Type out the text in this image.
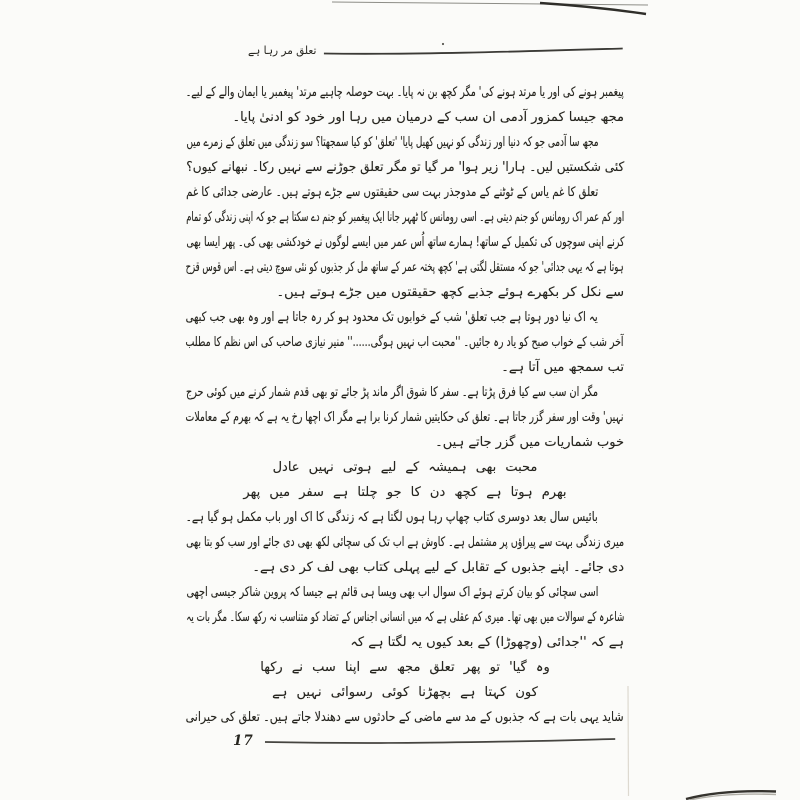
تعلق مر رہا ہے
پیغمبر ہونے کی اور یا مرتد ہونے کی' مگر کچھ بن نہ پایا۔ بہت حوصلہ چاہیے مرتد' پیغمبر یا ایمان والے کے لیے۔
مجھ جیسا کمزور آدمی ان سب کے درمیان میں رہا اور خود کو ادنیٰ پایا۔
مجھ سا آدمی جو کہ دنیا اور زندگی کو نہیں کھیل پایا' 'تعلق' کو کیا سمجھتا؟ سو زندگی میں تعلق کے زمرے میں
کئی شکستیں لیں۔ ہارا' زیر ہوا' مر گیا تو مگر تعلق جوڑنے سے نہیں رکا۔ نبھانے کیوں؟
تعلق کا غم یاس کے ٹوٹنے کے مدوجذر بہت سی حقیقتوں سے جڑے ہوتے ہیں۔ عارضی جدائی کا غم
اور کم عمر اک رومانس کو جنم دیتی ہے۔ اسی رومانس کا ٹھہر جانا ایک پیغمبر کو جنم دے سکتا ہے جو کہ اپنی زندگی کو تمام
کرنے اپنی سوچوں کی تکمیل کے ساتھ! ہمارے ساتھ اُس عمر میں ایسے لوگوں نے خودکشی بھی کی۔ پھر ایسا بھی
ہوتا ہے کہ یہی جدائی' جو کہ مستقل لگتی ہے' کچھ پختہ عمر کے ساتھ مل کر جذبوں کو نئی سوچ دیتی ہے۔ اس قوس قزح
سے نکل کر بکھرے ہوئے جذبے کچھ حقیقتوں میں جڑے ہوتے ہیں۔
یہ اک نیا دور ہوتا ہے جب تعلق' شب کے خوابوں تک محدود ہو کر رہ جاتا ہے اور وہ بھی جب کبھی
آخر شب کے خواب صبح کو یاد رہ جائیں۔ ''محبت اب نہیں ہوگی......'' منیر نیازی صاحب کی اس نظم کا مطلب
تب سمجھ میں آتا ہے۔
مگر ان سب سے کیا فرق پڑتا ہے۔ سفر کا شوق اگر ماند پڑ جائے تو بھی قدم شمار کرنے میں کوئی حرج
نہیں' وقت اور سفر گزر جاتا ہے۔ تعلق کی حکایتیں شمار کرنا برا ہے مگر اک اچھا رخ یہ ہے کہ بھرم کے معاملات
خوب شماریات میں گزر جاتے ہیں۔
محبت بھی ہمیشہ کے لیے ہوتی نہیں عادل
بھرم ہوتا ہے کچھ دن کا جو چلتا ہے سفر میں پھر
بائیس سال بعد دوسری کتاب چھاپ رہا ہوں لگتا ہے کہ زندگی کا اک اور باب مکمل ہو گیا ہے۔
میری زندگی بہت سے پیراؤں پر مشتمل ہے۔ کاوش ہے اب تک کی سچائی لکھ بھی دی جائے اور سب کو بتا بھی
دی جائے۔ اپنے جذبوں کے تقابل کے لیے پہلی کتاب بھی لف کر دی ہے۔
اسی سچائی کو بیان کرتے ہوئے اک سوال اب بھی ویسا ہی قائم ہے جیسا کہ پروین شاکر جیسی اچھی
شاعرہ کے سوالات میں بھی تھا۔ میری کم عقلی ہے کہ میں انسانی اجناس کے تضاد کو متناسب نہ رکھ سکا۔ مگر بات یہ
ہے کہ ''جدائی (وچھوڑا) کے بعد کیوں یہ لگتا ہے کہ
وہ گیا' تو پھر تعلق مجھ سے اپنا سب نے رکھا
کون کہتا ہے بچھڑنا کوئی رسوائی نہیں ہے
شاید یہی بات ہے کہ جذبوں کے مد سے ماضی کے حادثوں سے دھندلا جاتے ہیں۔ تعلق کی حیرانی
17
